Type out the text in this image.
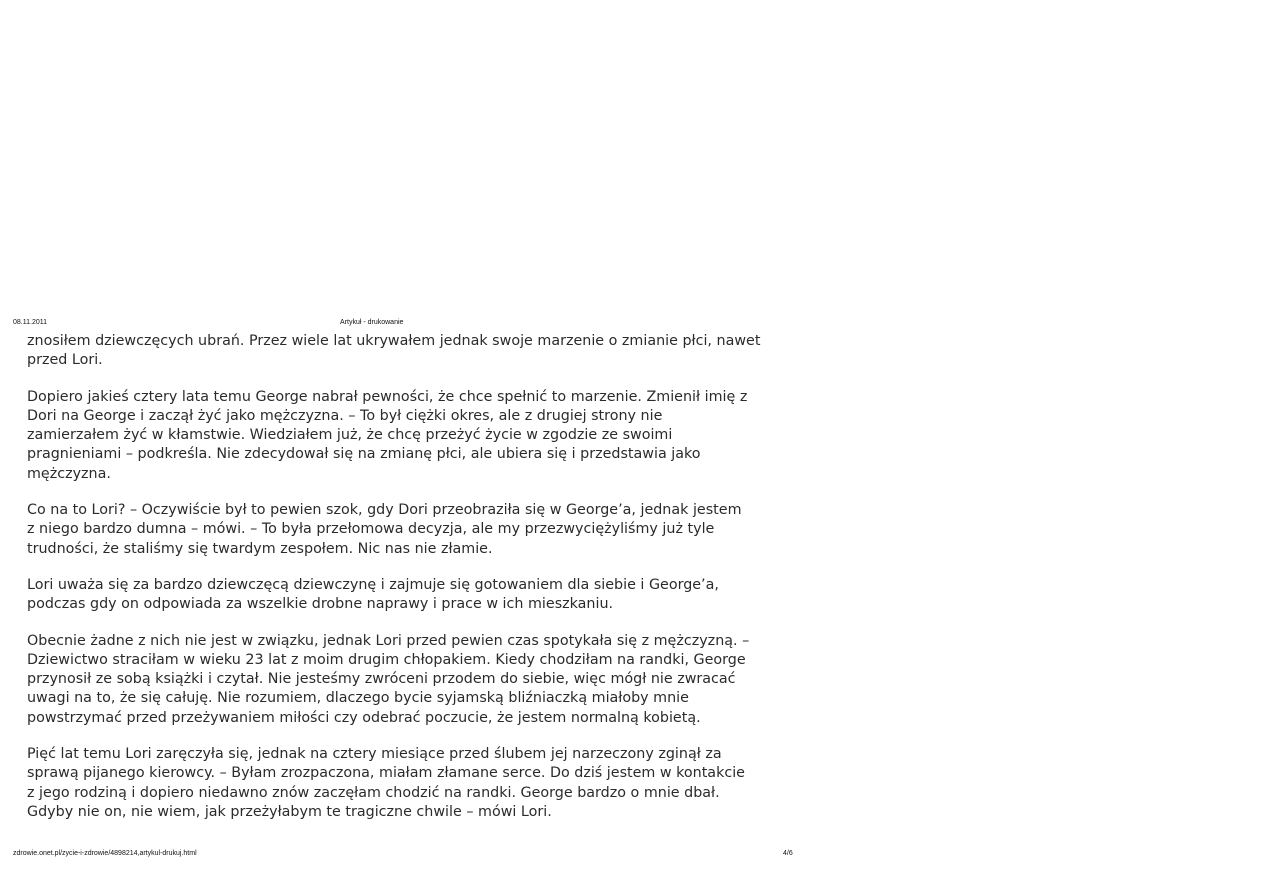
08.11.2011	Artykuł - drukowanie

znosiłem dziewczęcych ubrań. Przez wiele lat ukrywałem jednak swoje marzenie o zmianie płci, nawet
przed Lori.

Dopiero jakieś cztery lata temu George nabrał pewności, że chce spełnić to marzenie. Zmienił imię z
Dori na George i zaczął żyć jako mężczyzna. – To był ciężki okres, ale z drugiej strony nie
zamierzałem żyć w kłamstwie. Wiedziałem już, że chcę przeżyć życie w zgodzie ze swoimi
pragnieniami – podkreśla. Nie zdecydował się na zmianę płci, ale ubiera się i przedstawia jako
mężczyzna.

Co na to Lori? – Oczywiście był to pewien szok, gdy Dori przeobraziła się w George’a, jednak jestem
z niego bardzo dumna – mówi. – To była przełomowa decyzja, ale my przezwyciężyliśmy już tyle
trudności, że staliśmy się twardym zespołem. Nic nas nie złamie.

Lori uważa się za bardzo dziewczęcą dziewczynę i zajmuje się gotowaniem dla siebie i George’a,
podczas gdy on odpowiada za wszelkie drobne naprawy i prace w ich mieszkaniu.

Obecnie żadne z nich nie jest w związku, jednak Lori przed pewien czas spotykała się z mężczyzną. –
Dziewictwo straciłam w wieku 23 lat z moim drugim chłopakiem. Kiedy chodziłam na randki, George
przynosił ze sobą książki i czytał. Nie jesteśmy zwróceni przodem do siebie, więc mógł nie zwracać
uwagi na to, że się całuję. Nie rozumiem, dlaczego bycie syjamską bliźniaczką miałoby mnie
powstrzymać przed przeżywaniem miłości czy odebrać poczucie, że jestem normalną kobietą.

Pięć lat temu Lori zaręczyła się, jednak na cztery miesiące przed ślubem jej narzeczony zginął za
sprawą pijanego kierowcy. – Byłam zrozpaczona, miałam złamane serce. Do dziś jestem w kontakcie
z jego rodziną i dopiero niedawno znów zaczęłam chodzić na randki. George bardzo o mnie dbał.
Gdyby nie on, nie wiem, jak przeżyłabym te tragiczne chwile – mówi Lori.

zdrowie.onet.pl/zycie-i-zdrowie/4898214,artykul-drukuj.html	4/6
